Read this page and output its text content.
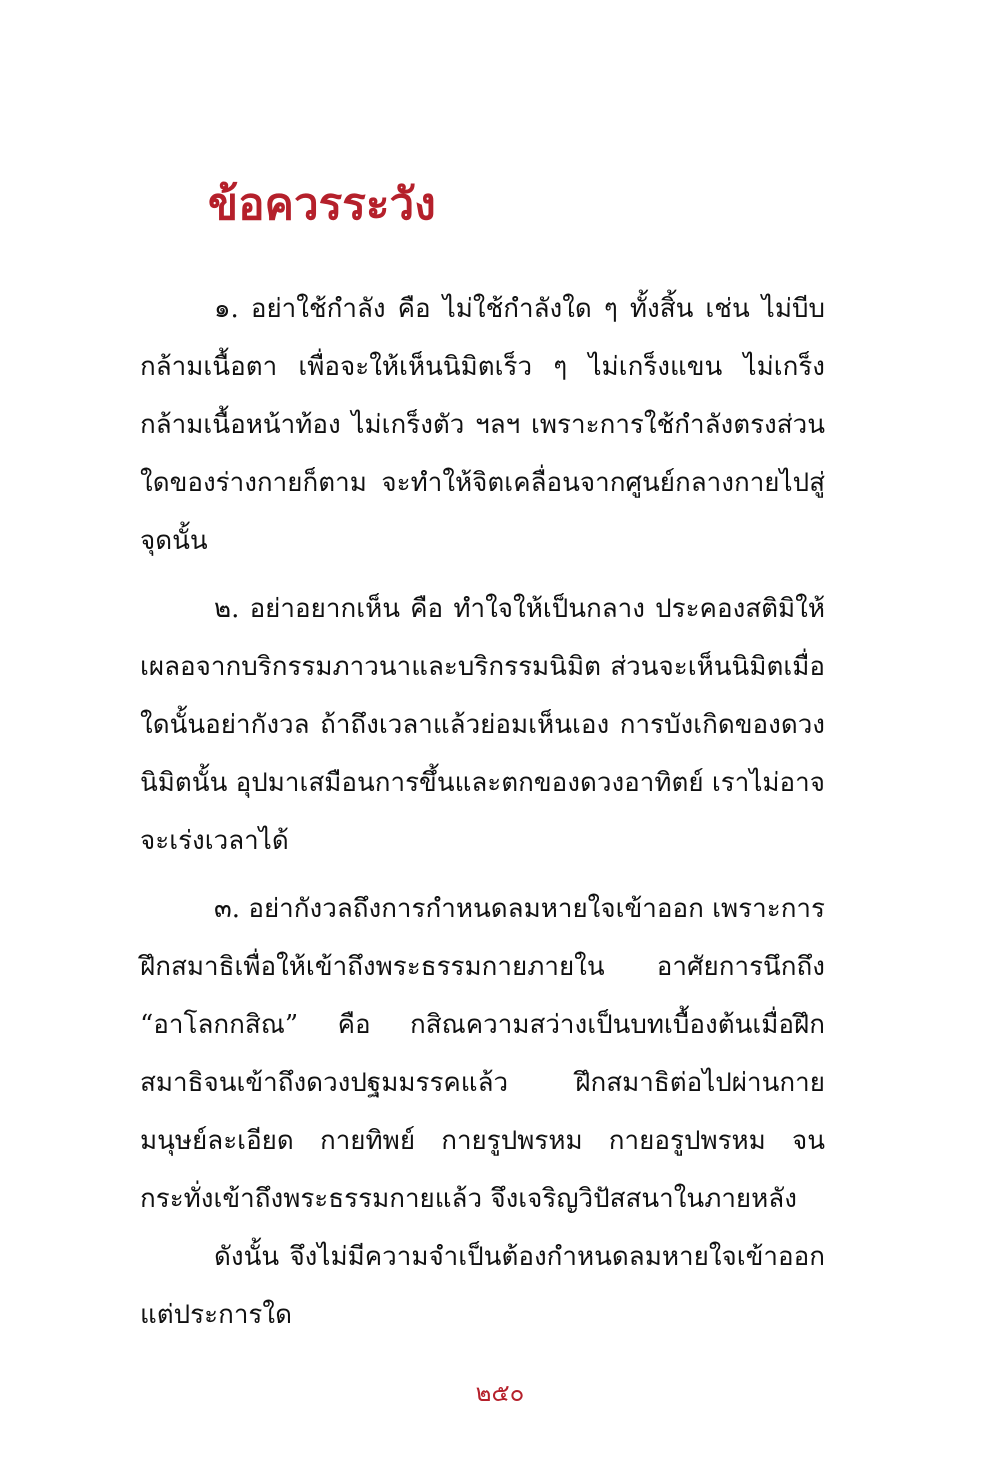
ข้อควรระวัง

๑. อย่าใช้กำลัง คือ ไม่ใช้กำลังใด ๆ ทั้งสิ้น เช่น ไม่บีบกล้ามเนื้อตา เพื่อจะให้เห็นนิมิตเร็ว ๆ ไม่เกร็งแขน ไม่เกร็งกล้ามเนื้อหน้าท้อง ไม่เกร็งตัว ฯลฯ เพราะการใช้กำลังตรงส่วนใดของร่างกายก็ตาม จะทำให้จิตเคลื่อนจากศูนย์กลางกายไปสู่จุดนั้น

๒. อย่าอยากเห็น คือ ทำใจให้เป็นกลาง ประคองสติมิให้เผลอจากบริกรรมภาวนาและบริกรรมนิมิต ส่วนจะเห็นนิมิตเมื่อใดนั้นอย่ากังวล ถ้าถึงเวลาแล้วย่อมเห็นเอง การบังเกิดของดวงนิมิตนั้น อุปมาเสมือนการขึ้นและตกของดวงอาทิตย์ เราไม่อาจจะเร่งเวลาได้

๓. อย่ากังวลถึงการกำหนดลมหายใจเข้าออก เพราะการฝึกสมาธิเพื่อให้เข้าถึงพระธรรมกายภายใน อาศัยการนึกถึง “อาโลกกสิณ” คือ กสิณความสว่างเป็นบทเบื้องต้นเมื่อฝึกสมาธิจนเข้าถึงดวงปฐมมรรคแล้ว ฝึกสมาธิต่อไปผ่านกายมนุษย์ละเอียด กายทิพย์ กายรูปพรหม กายอรูปพรหม จนกระทั่งเข้าถึงพระธรรมกายแล้ว จึงเจริญวิปัสสนาในภายหลัง

ดังนั้น จึงไม่มีความจำเป็นต้องกำหนดลมหายใจเข้าออกแต่ประการใด

๒๕๐
